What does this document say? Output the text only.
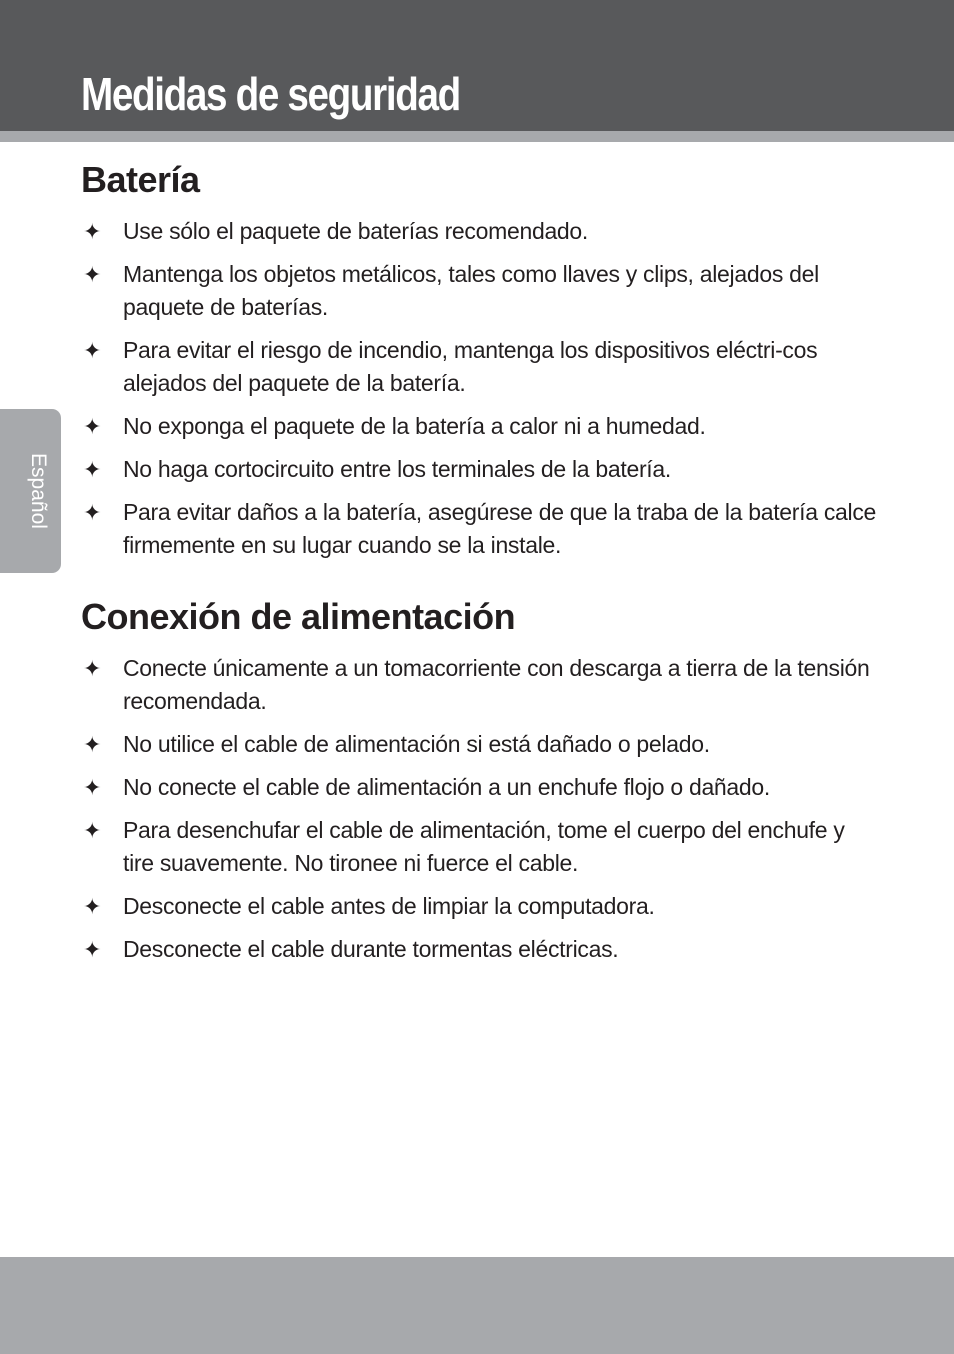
Medidas de seguridad
Español
Batería
✦ Use sólo el paquete de baterías recomendado.
✦ Mantenga los objetos metálicos, tales como llaves y clips, alejados del paquete de baterías.
✦ Para evitar el riesgo de incendio, mantenga los dispositivos eléctri-cos alejados del paquete de la batería.
✦ No exponga el paquete de la batería a calor ni a humedad.
✦ No haga cortocircuito entre los terminales de la batería.
✦ Para evitar daños a la batería, asegúrese de que la traba de la batería calce firmemente en su lugar cuando se la instale.
Conexión de alimentación
✦ Conecte únicamente a un tomacorriente con descarga a tierra de la tensión recomendada.
✦ No utilice el cable de alimentación si está dañado o pelado.
✦ No conecte el cable de alimentación a un enchufe flojo o dañado.
✦ Para desenchufar el cable de alimentación, tome el cuerpo del enchufe y tire suavemente. No tironee ni fuerce el cable.
✦ Desconecte el cable antes de limpiar la computadora.
✦ Desconecte el cable durante tormentas eléctricas.
